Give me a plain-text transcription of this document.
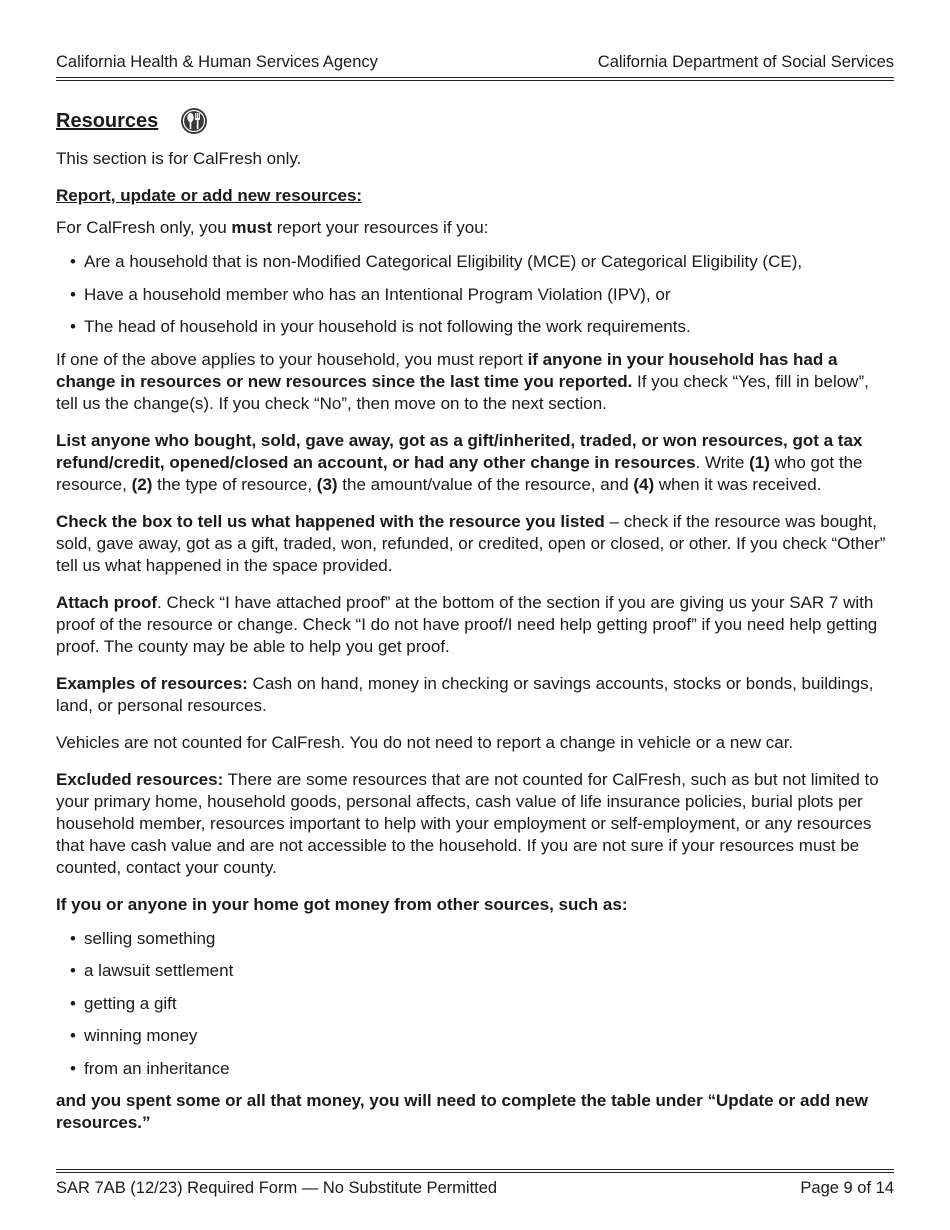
California Health & Human Services Agency	California Department of Social Services
Resources

This section is for CalFresh only.

Report, update or add new resources:

For CalFresh only, you must report your resources if you:

• Are a household that is non-Modified Categorical Eligibility (MCE) or Categorical Eligibility (CE),
• Have a household member who has an Intentional Program Violation (IPV), or
• The head of household in your household is not following the work requirements.

If one of the above applies to your household, you must report if anyone in your household has had a change in resources or new resources since the last time you reported. If you check “Yes, fill in below”, tell us the change(s). If you check “No”, then move on to the next section.

List anyone who bought, sold, gave away, got as a gift/inherited, traded, or won resources, got a tax refund/credit, opened/closed an account, or had any other change in resources. Write (1) who got the resource, (2) the type of resource, (3) the amount/value of the resource, and (4) when it was received.

Check the box to tell us what happened with the resource you listed – check if the resource was bought, sold, gave away, got as a gift, traded, won, refunded, or credited, open or closed, or other. If you check “Other” tell us what happened in the space provided.

Attach proof. Check “I have attached proof” at the bottom of the section if you are giving us your SAR 7 with proof of the resource or change. Check “I do not have proof/I need help getting proof” if you need help getting proof. The county may be able to help you get proof.

Examples of resources: Cash on hand, money in checking or savings accounts, stocks or bonds, buildings, land, or personal resources.

Vehicles are not counted for CalFresh. You do not need to report a change in vehicle or a new car.

Excluded resources: There are some resources that are not counted for CalFresh, such as but not limited to your primary home, household goods, personal affects, cash value of life insurance policies, burial plots per household member, resources important to help with your employment or self-employment, or any resources that have cash value and are not accessible to the household. If you are not sure if your resources must be counted, contact your county.

If you or anyone in your home got money from other sources, such as:

• selling something
• a lawsuit settlement
• getting a gift
• winning money
• from an inheritance

and you spent some or all that money, you will need to complete the table under “Update or add new resources.”

SAR 7AB (12/23) Required Form — No Substitute Permitted	Page 9 of 14
